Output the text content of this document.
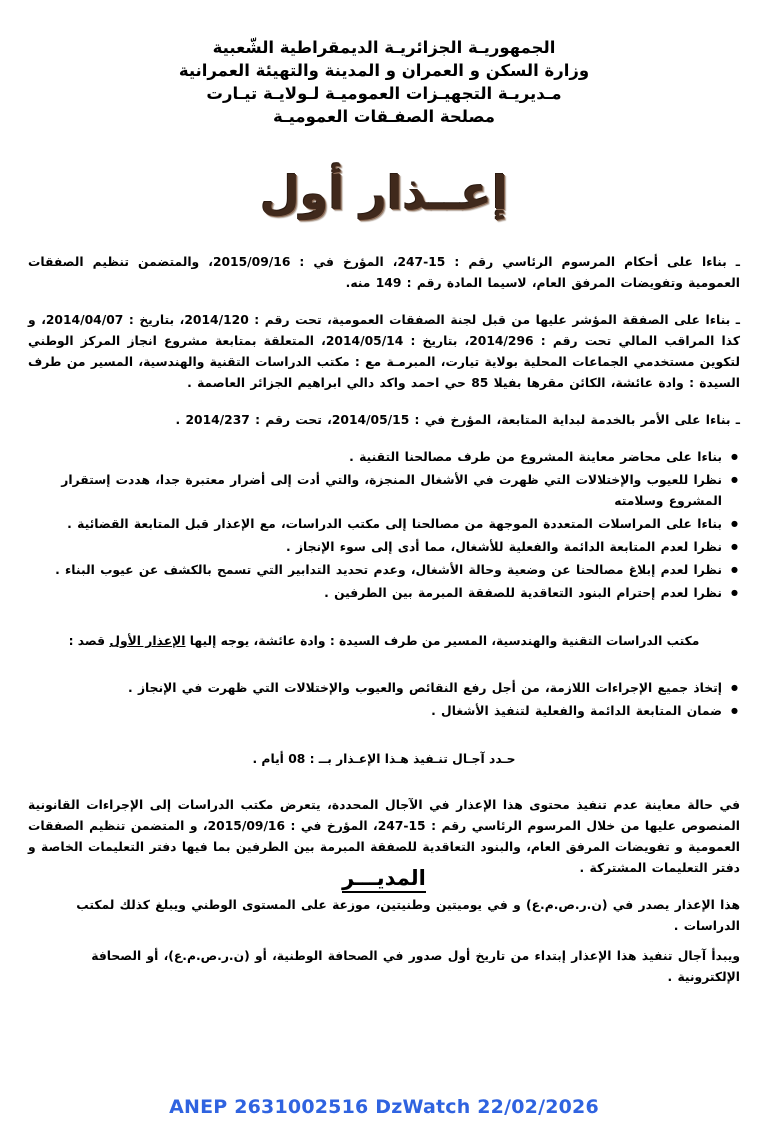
الجمهوريـة الجزائريـة الديمقراطية الشّعبية
وزارة السكن و العمران و المدينة والتهيئة العمرانية
مـديريـة التجهيـزات العموميـة لـولايـة تيـارت
مصلحة الصفـقات العموميـة
إعــذار أول

ـ بناءا على أحكام المرسوم الرئاسي رقم : 15-247، المؤرخ في : 2015/09/16، والمتضمن تنظيم الصفقات العمومية وتفويضات المرفق العام، لاسيما المادة رقم : 149 منه.

ـ بناءا على الصفقة المؤشر عليها من قبل لجنة الصفقات العمومية، تحت رقم : 2014/120، بتاريخ : 2014/04/07، و كذا المراقب المالي تحت رقم : 2014/296، بتاريخ : 2014/05/14، المتعلقة بمتابعة مشروع انجاز المركز الوطني لتكوين مستخدمي الجماعات المحلية بولاية تيارت، المبرمـة مع : مكتب الدراسات التقنية والهندسية، المسير من طرف السيدة : وادة عائشة، الكائن مقرها بفيلا 85 حي احمد واكد دالي ابراهيم الجزائر العاصمة .

ـ بناءا على الأمر بالخدمة لبداية المتابعة، المؤرخ في : 2014/05/15، تحت رقم : 2014/237 .

● بناءا على محاضر معاينة المشروع من طرف مصالحنا التقنية .
● نظرا للعيوب والإختلالات التي ظهرت في الأشغال المنجزة، والتي أدت إلى أضرار معتبرة جدا، هددت إستقرار المشروع وسلامته
● بناءا على المراسلات المتعددة الموجهة من مصالحنا إلى مكتب الدراسات، مع الإعذار قبل المتابعة القضائية .
● نظرا لعدم المتابعة الدائمة والفعلية للأشغال، مما أدى إلى سوء الإنجاز .
● نظرا لعدم إبلاغ مصالحنا عن وضعية وحالة الأشغال، وعدم تحديد التدابير التي تسمح بالكشف عن عيوب البناء .
● نظرا لعدم إحترام البنود التعاقدية للصفقة المبرمة بين الطرفين .

مكتب الدراسات التقنية والهندسية، المسير من طرف السيدة : وادة عائشة، يوجه إليها الإعذار الأول قصد :

● إتخاذ جميع الإجراءات اللازمة، من أجل رفع النقائص والعيوب والإختلالات التي ظهرت في الإنجاز .
● ضمان المتابعة الدائمة والفعلية لتنفيذ الأشغال .

حـدد آجـال تنـفيذ هـذا الإعـذار بــ : 08 أيام .

في حالة معاينة عدم تنفيذ محتوى هذا الإعذار في الآجال المحددة، يتعرض مكتب الدراسات إلى الإجراءات القانونية المنصوص عليها من خلال المرسوم الرئاسي رقم : 15-247، المؤرخ في : 2015/09/16، و المتضمن تنظيم الصفقات العمومية و تفويضات المرفق العام، والبنود التعاقدية للصفقة المبرمة بين الطرفين بما فيها دفتر التعليمات الخاصة و دفتر التعليمات المشتركة .

هذا الإعذار يصدر في (ن.ر.ص.م.ع) و في يوميتين وطنيتين، موزعة على المستوى الوطني ويبلغ كذلك لمكتب الدراسات .

ويبدأ آجال تنفيذ هذا الإعذار إبتداء من تاريخ أول صدور في الصحافة الوطنية، أو (ن.ر.ص.م.ع)، أو الصحافة الإلكترونية .

المديـــر
ANEP 2631002516 DzWatch 22/02/2026
